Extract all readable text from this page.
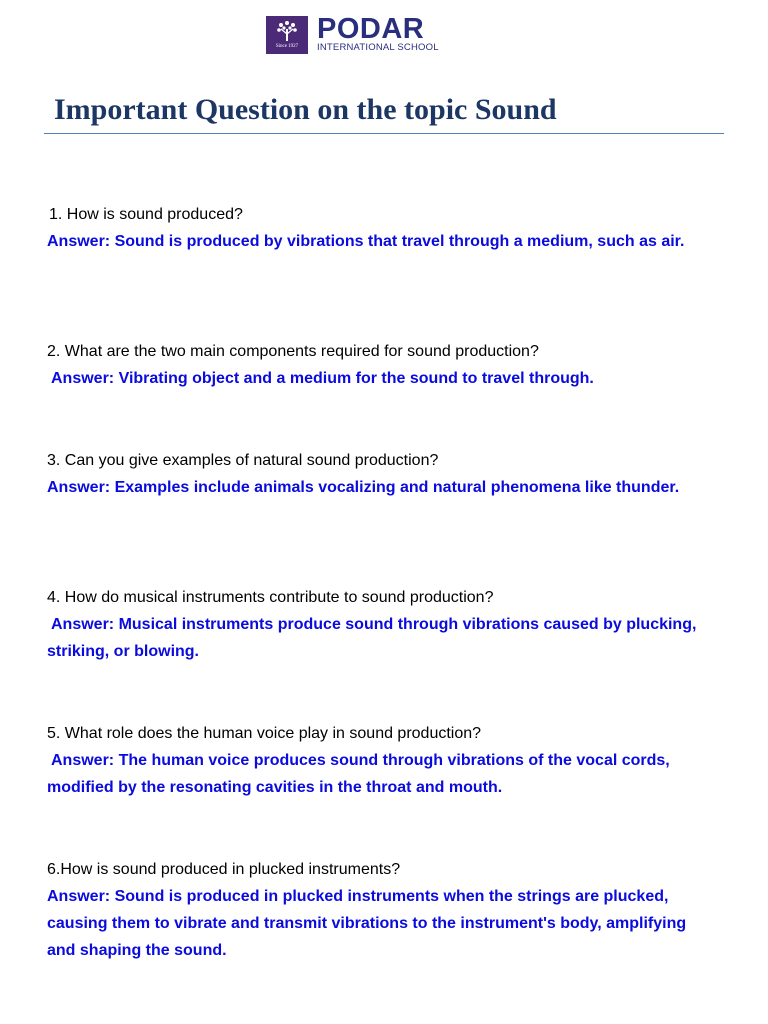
Since 1927
PODAR
INTERNATIONAL SCHOOL
Important Question on the topic Sound
1. How is sound produced?
Answer: Sound is produced by vibrations that travel through a medium, such as air.
2. What are the two main components required for sound production?
Answer: Vibrating object and a medium for the sound to travel through.
3. Can you give examples of natural sound production?
Answer: Examples include animals vocalizing and natural phenomena like thunder.
4. How do musical instruments contribute to sound production?
Answer: Musical instruments produce sound through vibrations caused by plucking, striking, or blowing.
5. What role does the human voice play in sound production?
Answer: The human voice produces sound through vibrations of the vocal cords, modified by the resonating cavities in the throat and mouth.
6.How is sound produced in plucked instruments?
Answer: Sound is produced in plucked instruments when the strings are plucked, causing them to vibrate and transmit vibrations to the instrument's body, amplifying and shaping the sound.
